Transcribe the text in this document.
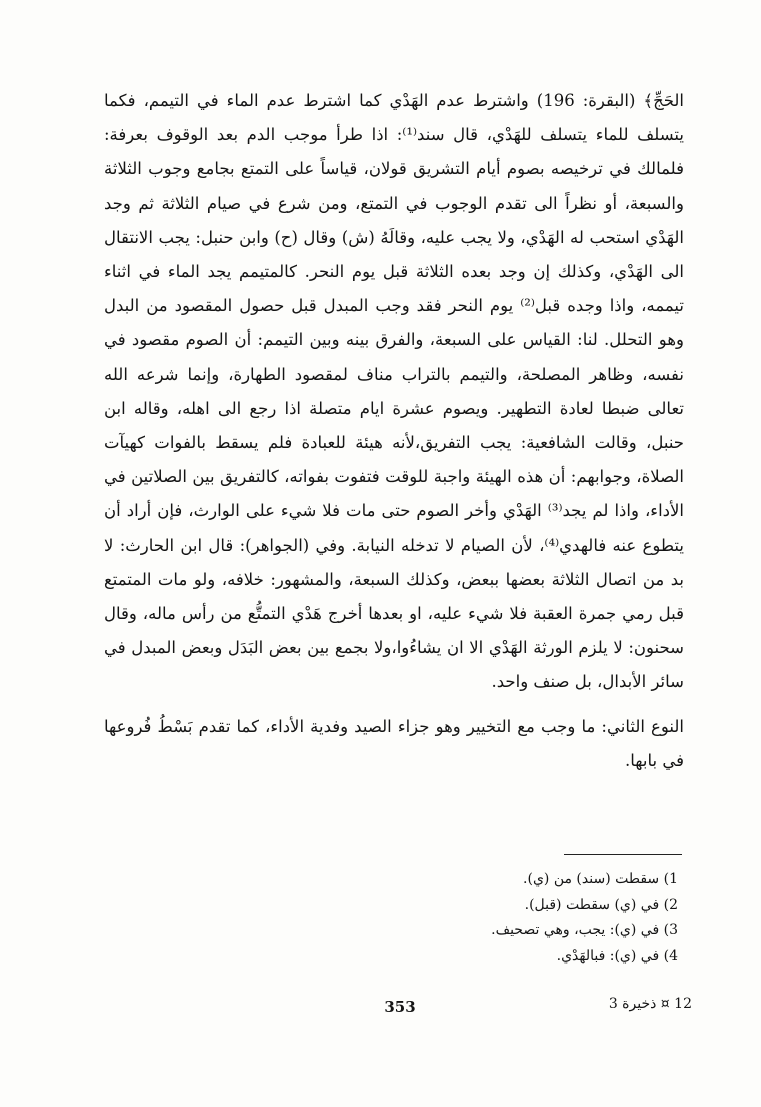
الحَجِّ﴾ (البقرة: 196) واشترط عدم الهَدْي كما اشترط عدم الماء في التيمم، فكما يتسلف للماء يتسلف للهَدْي، قال سند⁽¹⁾: اذا طرأ موجب الدم بعد الوقوف بعرفة: فلمالك في ترخيصه بصوم أيام التشريق قولان، قياساً على التمتع بجامع وجوب الثلاثة والسبعة، أو نظراً الى تقدم الوجوب في التمتع، ومن شرع في صيام الثلاثة ثم وجد الهَدْي استحب له الهَدْي، ولا يجب عليه، وقالَهُ (ش) وقال (ح) وابن حنبل: يجب الانتقال الى الهَدْي، وكذلك إن وجد بعده الثلاثة قبل يوم النحر. كالمتيمم يجد الماء في اثناء تيممه، واذا وجده قبل⁽²⁾ يوم النحر فقد وجب المبدل قبل حصول المقصود من البدل وهو التحلل. لنا: القياس على السبعة، والفرق بينه وبين التيمم: أن الصوم مقصود في نفسه، وظاهر المصلحة، والتيمم بالتراب مناف لمقصود الطهارة، وإنما شرعه الله تعالى ضبطا لعادة التطهير. ويصوم عشرة ايام متصلة اذا رجع الى اهله، وقاله ابن حنبل، وقالت الشافعية: يجب التفريق،لأنه هيئة للعبادة فلم يسقط بالفوات كهيآت الصلاة، وجوابهم: أن هذه الهيئة واجبة للوقت فتفوت بفواته، كالتفريق بين الصلاتين في الأداء، واذا لم يجد⁽³⁾ الهَدْي وأخر الصوم حتى مات فلا شيء على الوارث، فإن أراد أن يتطوع عنه فالهدي⁽⁴⁾، لأن الصيام لا تدخله النيابة. وفي (الجواهر): قال ابن الحارث: لا بد من اتصال الثلاثة بعضها ببعض، وكذلك السبعة، والمشهور: خلافه، ولو مات المتمتع قبل رمي جمرة العقبة فلا شيء عليه، او بعدها أخرج هَدْي التمتُّع من رأس ماله، وقال سحنون: لا يلزم الورثة الهَدْي الا ان يشاءُوا،ولا بجمع بين بعض البَدَل وبعض المبدل في سائر الأبدال، بل صنف واحد.

النوع الثاني: ما وجب مع التخيير وهو جزاء الصيد وفدية الأداء، كما تقدم بَسْطُ فُروعها في بابها.

1) سقطت (سند) من (ي).
2) في (ي) سقطت (قبل).
3) في (ي): يجب، وهي تصحيف.
4) في (ي): فبالهَدْي.
353	12 ¤ ذخيرة 3
